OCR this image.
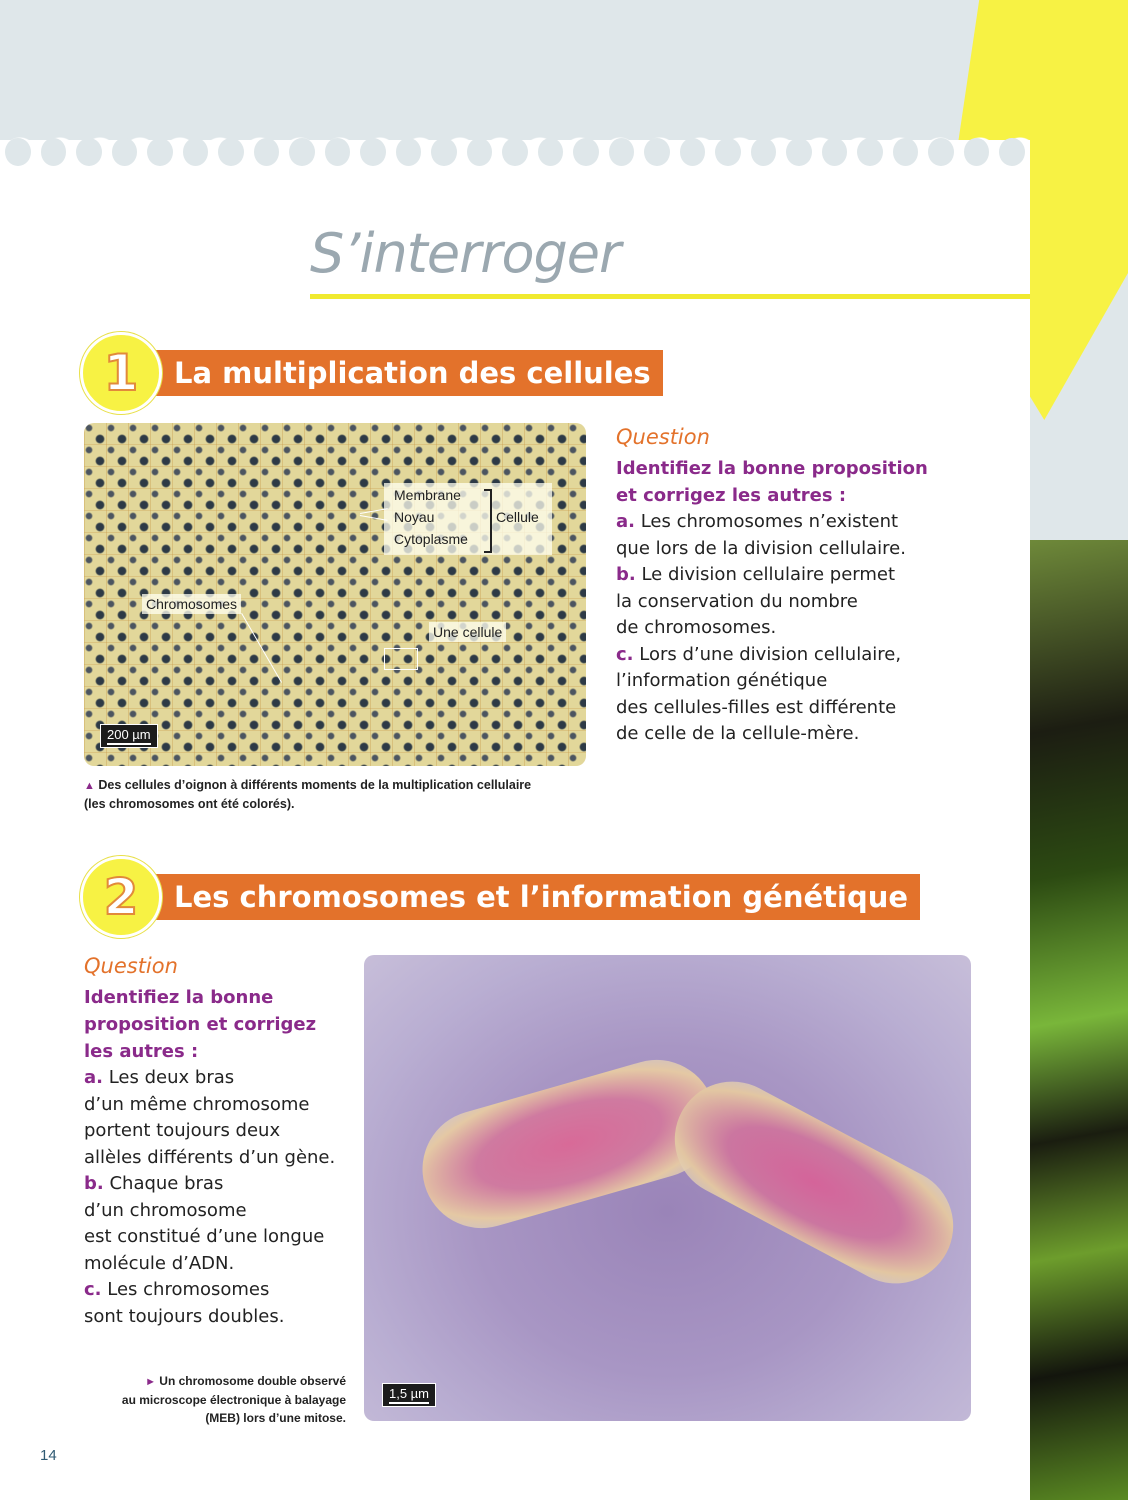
S’interroger
1	La multiplication des cellules
Membrane
Noyau
Cytoplasme
Cellule
Chromosomes
Une cellule
200 µm
▲ Des cellules d’oignon à différents moments de la multiplication cellulaire
(les chromosomes ont été colorés).
Question
Identifiez la bonne proposition
et corrigez les autres :
a. Les chromosomes n’existent
que lors de la division cellulaire.
b. Le division cellulaire permet
la conservation du nombre
de chromosomes.
c. Lors d’une division cellulaire,
l’information génétique
des cellules-filles est différente
de celle de la cellule-mère.
2	Les chromosomes et l’information génétique
Question
Identifiez la bonne
proposition et corrigez
les autres :
a. Les deux bras
d’un même chromosome
portent toujours deux
allèles différents d’un gène.
b. Chaque bras
d’un chromosome
est constitué d’une longue
molécule d’ADN.
c. Les chromosomes
sont toujours doubles.
► Un chromosome double observé
au microscope électronique à balayage
(MEB) lors d’une mitose.
1,5 µm
14
